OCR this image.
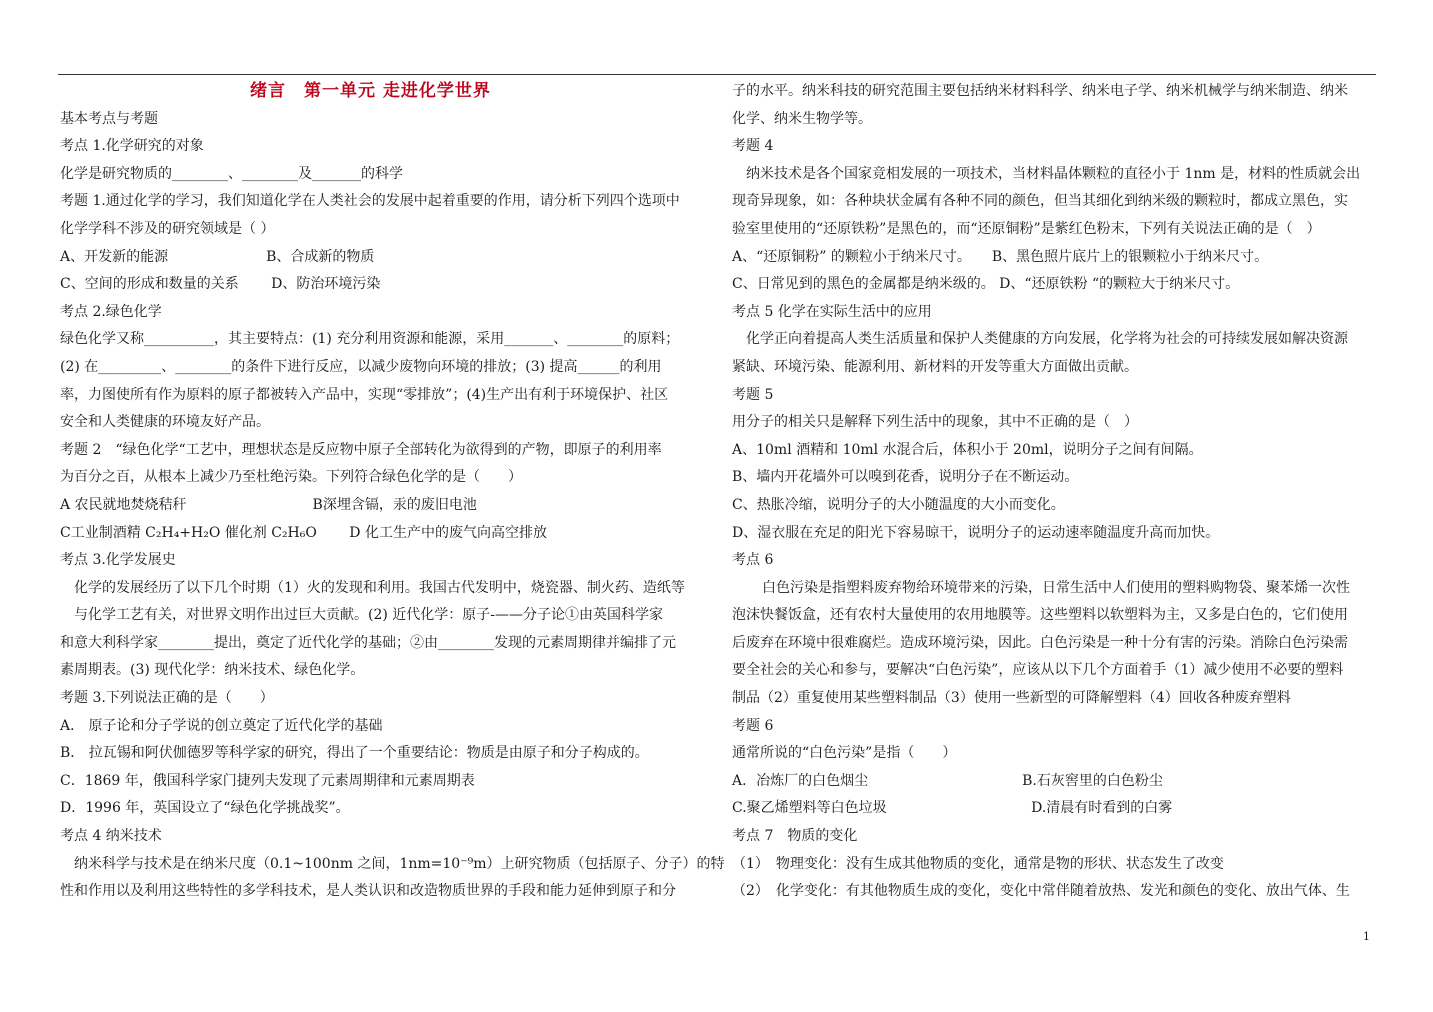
绪言　第一单元 走进化学世界
基本考点与考题
考点 1.化学研究的对象
化学是研究物质的________、________及_______的科学
考题 1.通过化学的学习，我们知道化学在人类社会的发展中起着重要的作用，请分析下列四个选项中
化学学科不涉及的研究领域是（ ）
A、开发新的能源　　　　　　　B、合成新的物质
C、空间的形成和数量的关系　　 D、防治环境污染
考点 2.绿色化学
绿色化学又称__________，其主要特点：(1) 充分利用资源和能源，采用_______、________的原料；
(2) 在_________、________的条件下进行反应，以减少废物向环境的排放；(3) 提高______的利用
率，力图使所有作为原料的原子都被转入产品中，实现“零排放”；(4)生产出有利于环境保护、社区
安全和人类健康的环境友好产品。
考题 2　“绿色化学“工艺中，理想状态是反应物中原子全部转化为欲得到的产物，即原子的利用率
为百分之百，从根本上减少乃至杜绝污染。下列符合绿色化学的是（　　）
A 农民就地焚烧秸秆　　　　　　　　　B深埋含镉，汞的废旧电池
C工业制酒精 C₂H₄+H₂O 催化剂 C₂H₆O　　 D 化工生产中的废气向高空排放
考点 3.化学发展史
化学的发展经历了以下几个时期（1）火的发现和利用。我国古代发明中，烧瓷器、制火药、造纸等
与化学工艺有关，对世界文明作出过巨大贡献。(2) 近代化学：原子-——分子论①由英国科学家
和意大利科学家________提出，奠定了近代化学的基础；②由________发现的元素周期律并编排了元
素周期表。(3) 现代化学：纳米技术、绿色化学。
考题 3.下列说法正确的是（　　）
A． 原子论和分子学说的创立奠定了近代化学的基础
B． 拉瓦锡和阿伏伽德罗等科学家的研究，得出了一个重要结论：物质是由原子和分子构成的。
C．1869 年，俄国科学家门捷列夫发现了元素周期律和元素周期表
D．1996 年，英国设立了“绿色化学挑战奖”。
考点 4 纳米技术
纳米科学与技术是在纳米尺度（0.1~100nm 之间，1nm=10⁻⁹m）上研究物质（包括原子、分子）的特
性和作用以及利用这些特性的多学科技术，是人类认识和改造物质世界的手段和能力延伸到原子和分
子的水平。纳米科技的研究范围主要包括纳米材料科学、纳米电子学、纳米机械学与纳米制造、纳米
化学、纳米生物学等。
考题 4
纳米技术是各个国家竞相发展的一项技术，当材料晶体颗粒的直径小于 1nm 是，材料的性质就会出
现奇异现象，如：各种块状金属有各种不同的颜色，但当其细化到纳米级的颗粒时，都成立黑色，实
验室里使用的“还原铁粉”是黑色的，而“还原铜粉”是紫红色粉末，下列有关说法正确的是（　）
A、“还原铜粉” 的颗粒小于纳米尺寸。　　B、黑色照片底片上的银颗粒小于纳米尺寸。
C、日常见到的黑色的金属都是纳米级的。 D、“还原铁粉 “的颗粒大于纳米尺寸。
考点 5 化学在实际生活中的应用
化学正向着提高人类生活质量和保护人类健康的方向发展，化学将为社会的可持续发展如解决资源
紧缺、环境污染、能源利用、新材料的开发等重大方面做出贡献。
考题 5
用分子的相关只是解释下列生活中的现象，其中不正确的是（　）
A、10ml 酒精和 10ml 水混合后，体积小于 20ml，说明分子之间有间隔。
B、墙内开花墙外可以嗅到花香，说明分子在不断运动。
C、热胀冷缩，说明分子的大小随温度的大小而变化。
D、湿衣服在充足的阳光下容易晾干，说明分子的运动速率随温度升高而加快。
考点 6
白色污染是指塑料废弃物给环境带来的污染，日常生活中人们使用的塑料购物袋、聚苯烯一次性
泡沫快餐饭盒，还有农村大量使用的农用地膜等。这些塑料以软塑料为主，又多是白色的，它们使用
后废弃在环境中很难腐烂。造成环境污染，因此。白色污染是一种十分有害的污染。消除白色污染需
要全社会的关心和参与，要解决“白色污染”，应该从以下几个方面着手（1）减少使用不必要的塑料
制品（2）重复使用某些塑料制品（3）使用一些新型的可降解塑料（4）回收各种废弃塑料
考题 6
通常所说的“白色污染”是指（　　）
A．冶炼厂的白色烟尘　　　　　　　　　　　B.石灰窖里的白色粉尘
C.聚乙烯塑料等白色垃圾　　　　　　　　　　 D.清晨有时看到的白雾
考点 7　物质的变化
（1）　物理变化：没有生成其他物质的变化，通常是物的形状、状态发生了改变
（2）　化学变化：有其他物质生成的变化，变化中常伴随着放热、发光和颜色的变化、放出气体、生
1
